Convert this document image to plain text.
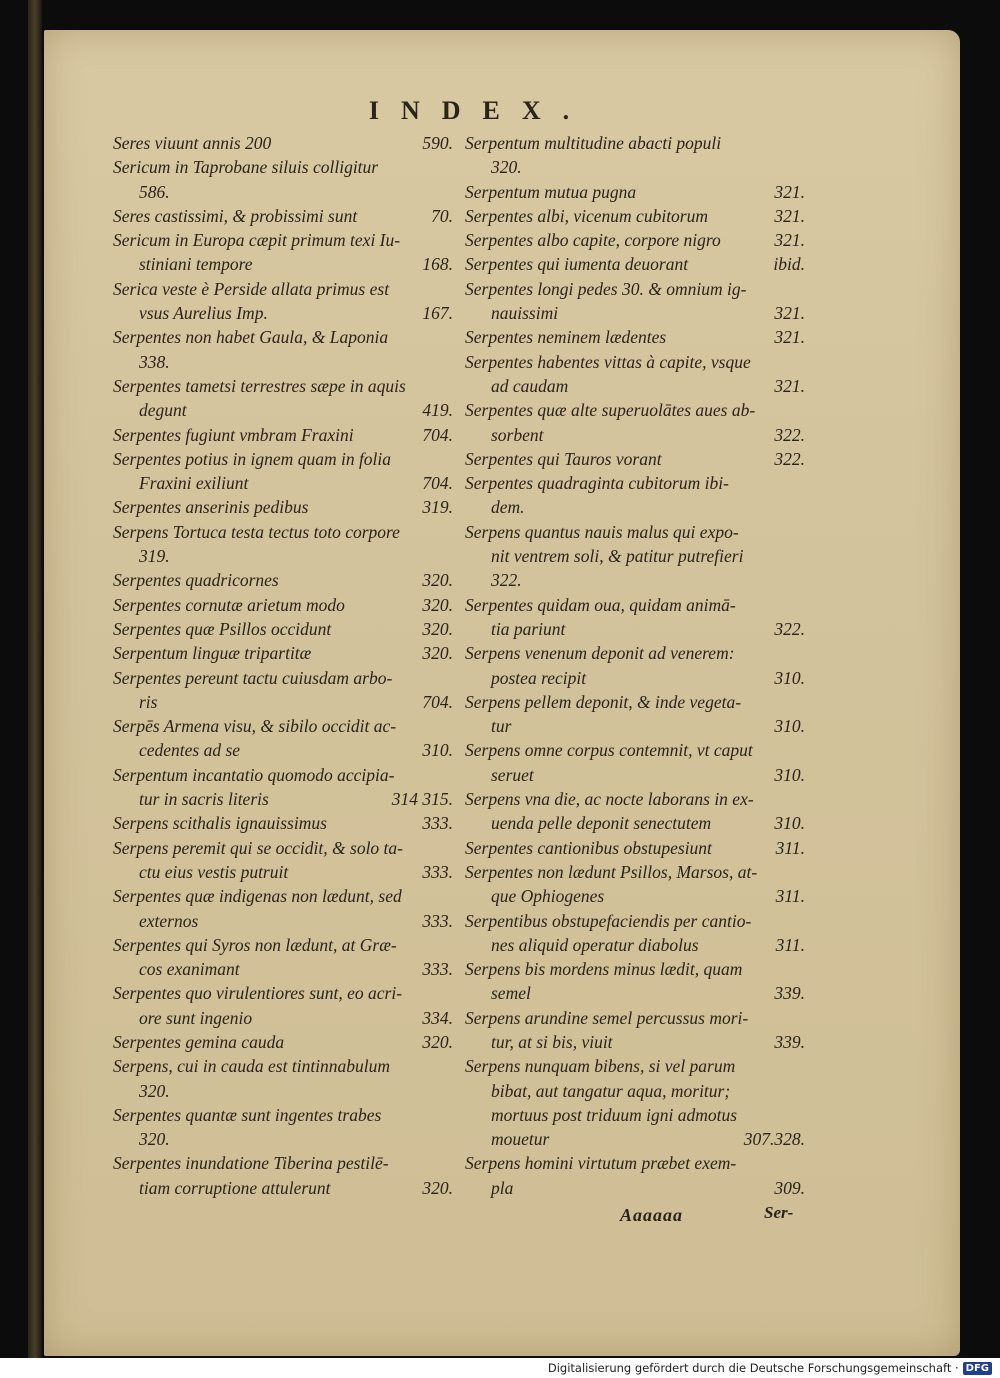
INDEX.
Seres viuunt annis 200	590.
Sericum in Taprobane siluis colligitur
586.
Seres castissimi, & probissimi sunt	70.
Sericum in Europa cæpit primum texi Iu-
stiniani tempore	168.
Serica veste è Perside allata primus est
vsus Aurelius Imp.	167.
Serpentes non habet Gaula, & Laponia
338.
Serpentes tametsi terrestres sæpe in aquis
degunt	419.
Serpentes fugiunt vmbram Fraxini	704.
Serpentes potius in ignem quam in folia
Fraxini exiliunt	704.
Serpentes anserinis pedibus	319.
Serpens Tortuca testa tectus toto corpore
319.
Serpentes quadricornes	320.
Serpentes cornutæ arietum modo	320.
Serpentes quæ Psillos occidunt	320.
Serpentum linguæ tripartitæ	320.
Serpentes pereunt tactu cuiusdam arbo-
ris	704.
Serpēs Armena visu, & sibilo occidit ac-
cedentes ad se	310.
Serpentum incantatio quomodo accipia-
tur in sacris literis	314 315.
Serpens scithalis ignauissimus	333.
Serpens peremit qui se occidit, & solo ta-
ctu eius vestis putruit	333.
Serpentes quæ indigenas non lædunt, sed
externos	333.
Serpentes qui Syros non lædunt, at Græ-
cos exanimant	333.
Serpentes quo virulentiores sunt, eo acri-
ore sunt ingenio	334.
Serpentes gemina cauda	320.
Serpens, cui in cauda est tintinnabulum
320.
Serpentes quantæ sunt ingentes trabes
320.
Serpentes inundatione Tiberina pestilē-
tiam corruptione attulerunt	320.
Serpentum multitudine abacti populi
320.
Serpentum mutua pugna	321.
Serpentes albi, vicenum cubitorum	321.
Serpentes albo capite, corpore nigro	321.
Serpentes qui iumenta deuorant	ibid.
Serpentes longi pedes 30. & omnium ig-
nauissimi	321.
Serpentes neminem lædentes	321.
Serpentes habentes vittas à capite, vsque
ad caudam	321.
Serpentes quæ alte superuolātes aues ab-
sorbent	322.
Serpentes qui Tauros vorant	322.
Serpentes quadraginta cubitorum ibi-
dem.
Serpens quantus nauis malus qui expo-
nit ventrem soli, & patitur putrefieri
322.
Serpentes quidam oua, quidam animā-
tia pariunt	322.
Serpens venenum deponit ad venerem:
postea recipit	310.
Serpens pellem deponit, & inde vegeta-
tur	310.
Serpens omne corpus contemnit, vt caput
seruet	310.
Serpens vna die, ac nocte laborans in ex-
uenda pelle deponit senectutem	310.
Serpentes cantionibus obstupesiunt	311.
Serpentes non lædunt Psillos, Marsos, at-
que Ophiogenes	311.
Serpentibus obstupefaciendis per cantio-
nes aliquid operatur diabolus	311.
Serpens bis mordens minus lædit, quam
semel	339.
Serpens arundine semel percussus mori-
tur, at si bis, viuit	339.
Serpens nunquam bibens, si vel parum
bibat, aut tangatur aqua, moritur;
mortuus post triduum igni admotus
mouetur	307.328.
Serpens homini virtutum præbet exem-
pla	309.
Aaaaaa	Ser-
Digitalisierung gefördert durch die Deutsche Forschungsgemeinschaft · DFG
